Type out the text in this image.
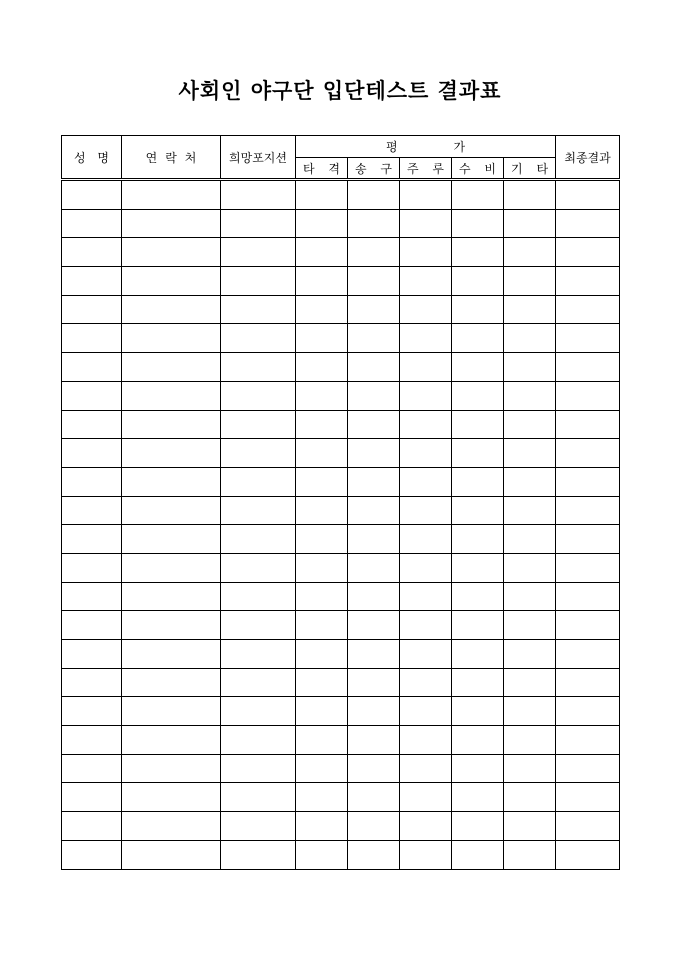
사회인 야구단 입단테스트 결과표
성 명	연 락 처	희망포지션	평 가					최종결과

			타 격	송 구	주 루	수 비	기 타	
